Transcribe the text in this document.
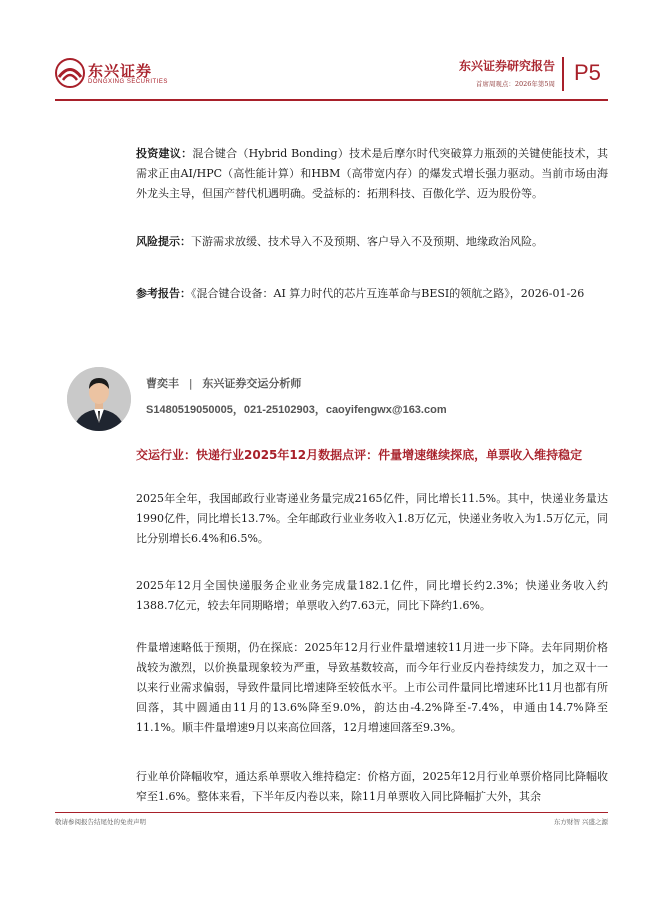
东兴证券
DONGXING SECURITIES
东兴证券研究报告
首席周观点：2026年第5周 P5
投资建议：混合键合（Hybrid Bonding）技术是后摩尔时代突破算力瓶颈的关键使能技术，其需求正由AI/HPC（高性能计算）和HBM（高带宽内存）的爆发式增长强力驱动。当前市场由海外龙头主导，但国产替代机遇明确。受益标的：拓荆科技、百傲化学、迈为股份等。
风险提示：下游需求放缓、技术导入不及预期、客户导入不及预期、地缘政治风险。
参考报告：《混合键合设备：AI 算力时代的芯片互连革命与BESI的领航之路》，2026-01-26
曹奕丰 | 东兴证券交运分析师
S1480519050005，021-25102903，caoyifengwx@163.com
交运行业：快递行业2025年12月数据点评：件量增速继续探底，单票收入维持稳定
2025年全年，我国邮政行业寄递业务量完成2165亿件，同比增长11.5%。其中，快递业务量达1990亿件，同比增长13.7%。全年邮政行业业务收入1.8万亿元，快递业务收入为1.5万亿元，同比分别增长6.4%和6.5%。
2025年12月全国快递服务企业业务完成量182.1亿件，同比增长约2.3%；快递业务收入约1388.7亿元，较去年同期略增；单票收入约7.63元，同比下降约1.6%。
件量增速略低于预期，仍在探底：2025年12月行业件量增速较11月进一步下降。去年同期价格战较为激烈，以价换量现象较为严重，导致基数较高，而今年行业反内卷持续发力，加之双十一以来行业需求偏弱，导致件量同比增速降至较低水平。上市公司件量同比增速环比11月也都有所回落，其中圆通由11月的13.6%降至9.0%，韵达由-4.2%降至-7.4%，申通由14.7%降至11.1%。顺丰件量增速9月以来高位回落，12月增速回落至9.3%。
行业单价降幅收窄，通达系单票收入维持稳定：价格方面，2025年12月行业单票价格同比降幅收窄至1.6%。整体来看，下半年反内卷以来，除11月单票收入同比降幅扩大外，其余
敬请参阅报告结尾处的免责声明	东方财智 兴盛之源
